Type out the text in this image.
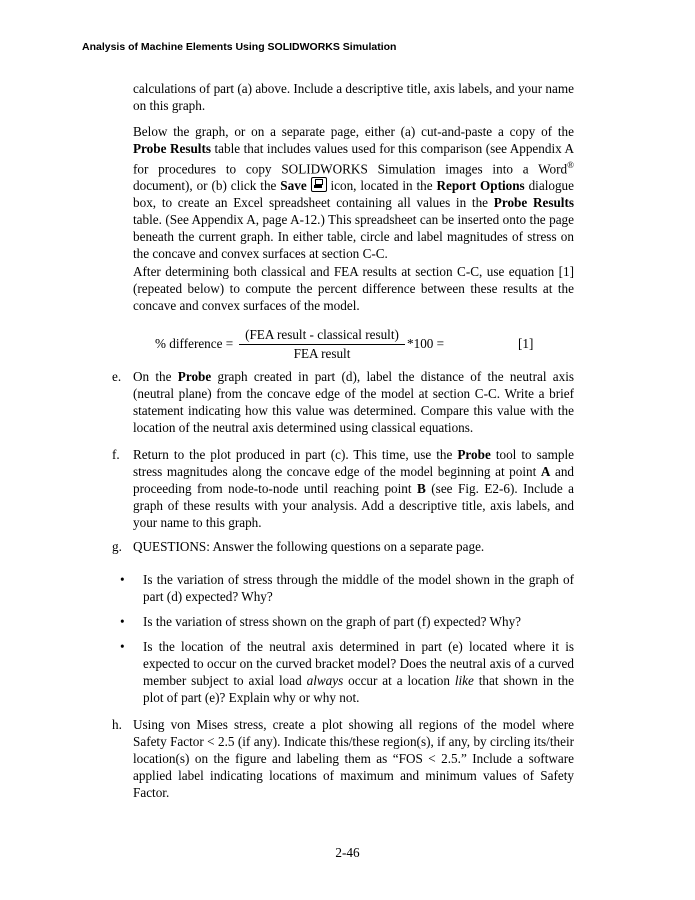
Analysis of Machine Elements Using SOLIDWORKS Simulation

calculations of part (a) above. Include a descriptive title, axis labels, and your name on this graph.

Below the graph, or on a separate page, either (a) cut-and-paste a copy of the Probe Results table that includes values used for this comparison (see Appendix A for procedures to copy SOLIDWORKS Simulation images into a Word® document), or (b) click the Save  icon, located in the Report Options dialogue box, to create an Excel spreadsheet containing all values in the Probe Results table. (See Appendix A, page A-12.) This spreadsheet can be inserted onto the page beneath the current graph. In either table, circle and label magnitudes of stress on the concave and convex surfaces at section C-C.

After determining both classical and FEA results at section C-C, use equation [1] (repeated below) to compute the percent difference between these results at the concave and convex surfaces of the model.

% difference =
(FEA result - classical result)
FEA result
*100 =	[1]
e. On the Probe graph created in part (d), label the distance of the neutral axis (neutral plane) from the concave edge of the model at section C-C. Write a brief statement indicating how this value was determined. Compare this value with the location of the neutral axis determined using classical equations.
f. Return to the plot produced in part (c). This time, use the Probe tool to sample stress magnitudes along the concave edge of the model beginning at point A and proceeding from node-to-node until reaching point B (see Fig. E2-6). Include a graph of these results with your analysis. Add a descriptive title, axis labels, and your name to this graph.
g. QUESTIONS: Answer the following questions on a separate page.
• Is the variation of stress through the middle of the model shown in the graph of part (d) expected? Why?
• Is the variation of stress shown on the graph of part (f) expected? Why?
• Is the location of the neutral axis determined in part (e) located where it is expected to occur on the curved bracket model? Does the neutral axis of a curved member subject to axial load always occur at a location like that shown in the plot of part (e)? Explain why or why not.
h. Using von Mises stress, create a plot showing all regions of the model where Safety Factor < 2.5 (if any). Indicate this/these region(s), if any, by circling its/their location(s) on the figure and labeling them as “FOS < 2.5.” Include a software applied label indicating locations of maximum and minimum values of Safety Factor.
2-46
